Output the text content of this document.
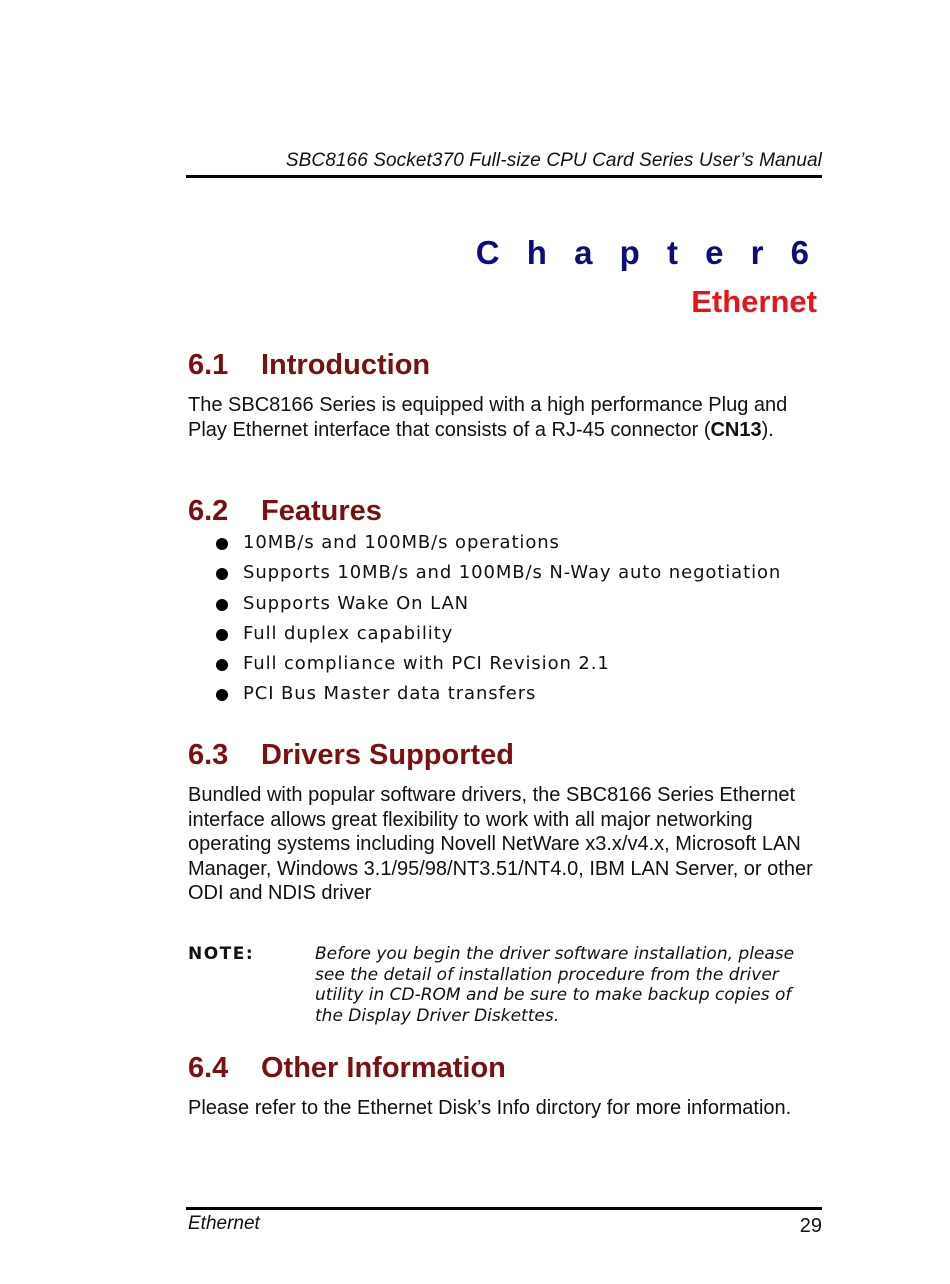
SBC8166 Socket370 Full-size CPU Card Series User’s Manual
C h a p t e r 6
Ethernet
6.1	Introduction

The SBC8166 Series is equipped with a high performance Plug and Play Ethernet interface that consists of a RJ-45 connector (CN13).

6.2	Features
10MB/s and 100MB/s operations
Supports 10MB/s and 100MB/s N-Way auto negotiation
Supports Wake On LAN
Full duplex capability
Full compliance with PCI Revision 2.1
PCI Bus Master data transfers
6.3	Drivers Supported

Bundled with popular software drivers, the SBC8166 Series Ethernet interface allows great flexibility to work with all major networking operating systems including Novell NetWare x3.x/v4.x, Microsoft LAN Manager, Windows 3.1/95/98/NT3.51/NT4.0, IBM LAN Server, or other ODI and NDIS driver

NOTE:	Before you begin the driver software installation, please see the detail of installation procedure from the driver utility in CD-ROM and be sure to make backup copies of the Display Driver Diskettes.
6.4	Other Information

Please refer to the Ethernet Disk’s Info dirctory for more information.

Ethernet	29
